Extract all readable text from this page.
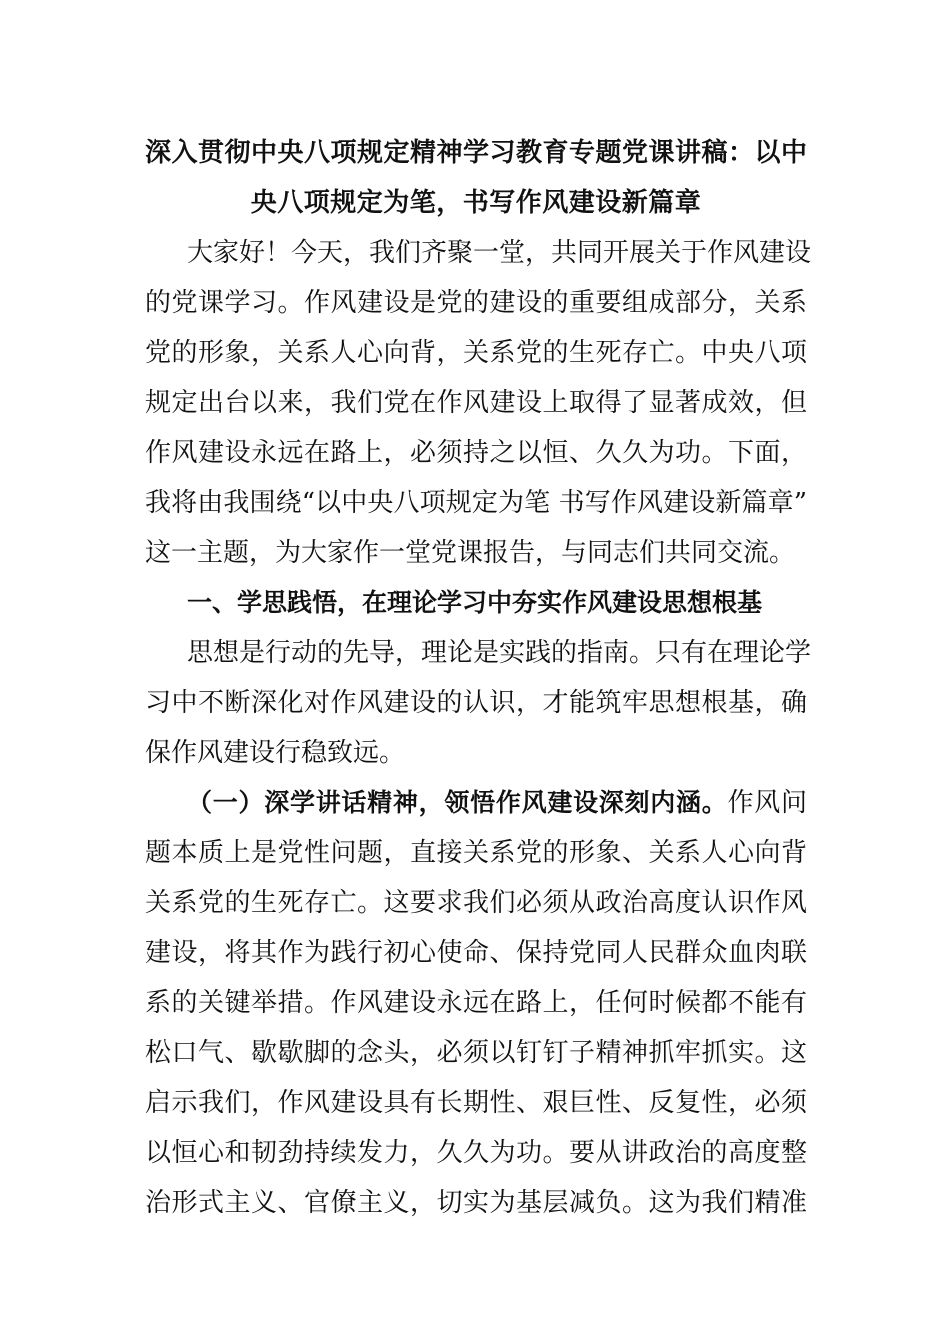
深入贯彻中央八项规定精神学习教育专题党课讲稿：以中
央八项规定为笔，书写作风建设新篇章
大家好！今天，我们齐聚一堂，共同开展关于作风建设
的党课学习。作风建设是党的建设的重要组成部分，关系
党的形象，关系人心向背，关系党的生死存亡。中央八项
规定出台以来，我们党在作风建设上取得了显著成效，但
作风建设永远在路上，必须持之以恒、久久为功。下面，
我将由我围绕“以中央八项规定为笔 书写作风建设新篇章”
这一主题，为大家作一堂党课报告，与同志们共同交流。
一、学思践悟，在理论学习中夯实作风建设思想根基
思想是行动的先导，理论是实践的指南。只有在理论学
习中不断深化对作风建设的认识，才能筑牢思想根基，确
保作风建设行稳致远。
（一）深学讲话精神，领悟作风建设深刻内涵。作风问
题本质上是党性问题，直接关系党的形象、关系人心向背
关系党的生死存亡。这要求我们必须从政治高度认识作风
建设，将其作为践行初心使命、保持党同人民群众血肉联
系的关键举措。作风建设永远在路上，任何时候都不能有
松口气、歇歇脚的念头，必须以钉钉子精神抓牢抓实。这
启示我们，作风建设具有长期性、艰巨性、反复性，必须
以恒心和韧劲持续发力，久久为功。要从讲政治的高度整
治形式主义、官僚主义，切实为基层减负。这为我们精准
